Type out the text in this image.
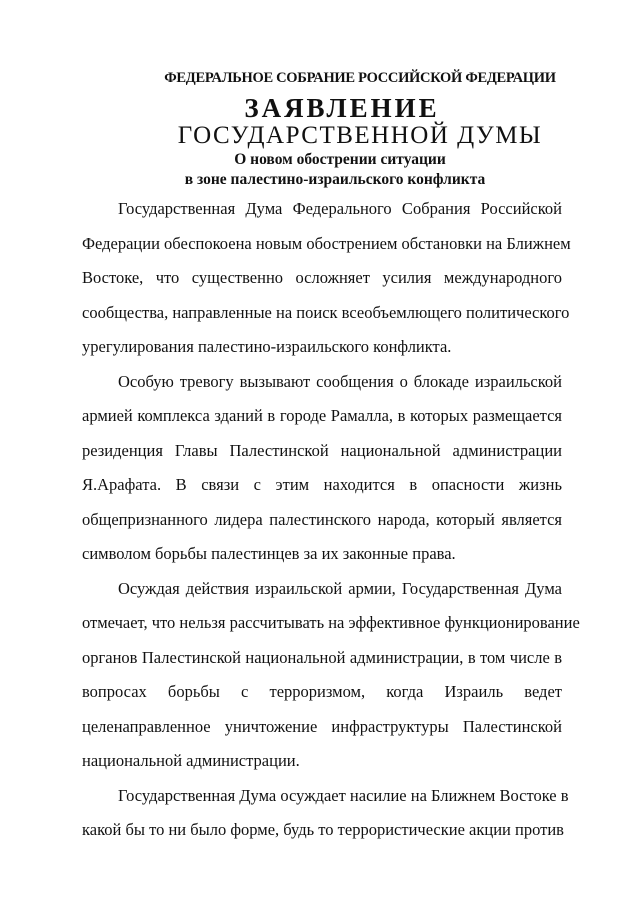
ФЕДЕРАЛЬНОЕ СОБРАНИЕ РОССИЙСКОЙ ФЕДЕРАЦИИ
ЗАЯВЛЕНИЕ
ГОСУДАРСТВЕННОЙ ДУМЫ
О новом обострении ситуации
в зоне палестино-израильского конфликта
Государственная Дума Федерального Собрания Российской
Федерации обеспокоена новым обострением обстановки на Ближнем
Востоке, что существенно осложняет усилия международного
сообщества, направленные на поиск всеобъемлющего политического
урегулирования палестино-израильского конфликта.
Особую тревогу вызывают сообщения о блокаде израильской
армией комплекса зданий в городе Рамалла, в которых размещается
резиденция Главы Палестинской национальной администрации
Я.Арафата. В связи с этим находится в опасности жизнь
общепризнанного лидера палестинского народа, который является
символом борьбы палестинцев за их законные права.
Осуждая действия израильской армии, Государственная Дума
отмечает, что нельзя рассчитывать на эффективное функционирование
органов Палестинской национальной администрации, в том числе в
вопросах борьбы с терроризмом, когда Израиль ведет
целенаправленное уничтожение инфраструктуры Палестинской
национальной администрации.
Государственная Дума осуждает насилие на Ближнем Востоке в
какой бы то ни было форме, будь то террористические акции против
